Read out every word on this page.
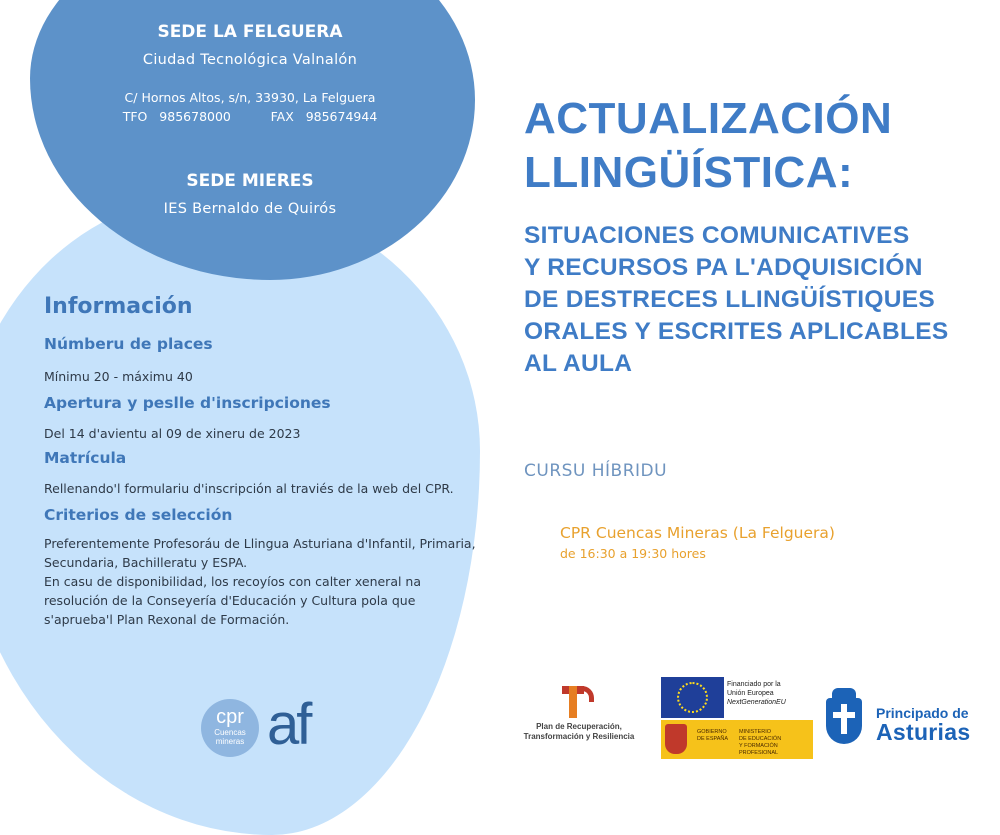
SEDE LA FELGUERA
Ciudad Tecnológica Valnalón
C/ Hornos Altos, s/n, 33930, La Felguera
TFO   985678000          FAX   985674944
SEDE MIERES
IES Bernaldo de Quirós
Información
Númberu de places

Mínimu 20 - máximu 40

Apertura y peslle d'inscripciones

Del 14 d'avientu al 09 de xineru de 2023

Matrícula

Rellenando'l formulariu d'inscripción al traviés de la web del CPR.

Criterios de selección

Preferentemente Profesoráu de Llingua Asturiana d'Infantil, Primaria,

Secundaria, Bachilleratu y ESPA.

En casu de disponibilidad, los recoyíos con calter xeneral na

resolución de la Conseyería d'Educación y Cultura pola que

s'aprueba'l Plan Rexonal de Formación.

ACTUALIZACIÓN
LLINGÜÍSTICA:
SITUACIONES COMUNICATIVES
Y RECURSOS PA L'ADQUISICIÓN
DE DESTRECES LLINGÜÍSTIQUES
ORALES Y ESCRITES APLICABLES
AL AULA
CURSU HÍBRIDU
CPR Cuencas Mineras (La Felguera)
de 16:30 a 19:30 hores
cpr
Cuencas
mineras af	Plan de Recuperación,
Transformación y Resiliencia
Financiado por la
Unión Europea
NextGenerationEU
GOBIERNO
DE ESPAÑA
MINISTERIO
DE EDUCACIÓN
Y FORMACIÓN PROFESIONAL
Principado de
Asturias
